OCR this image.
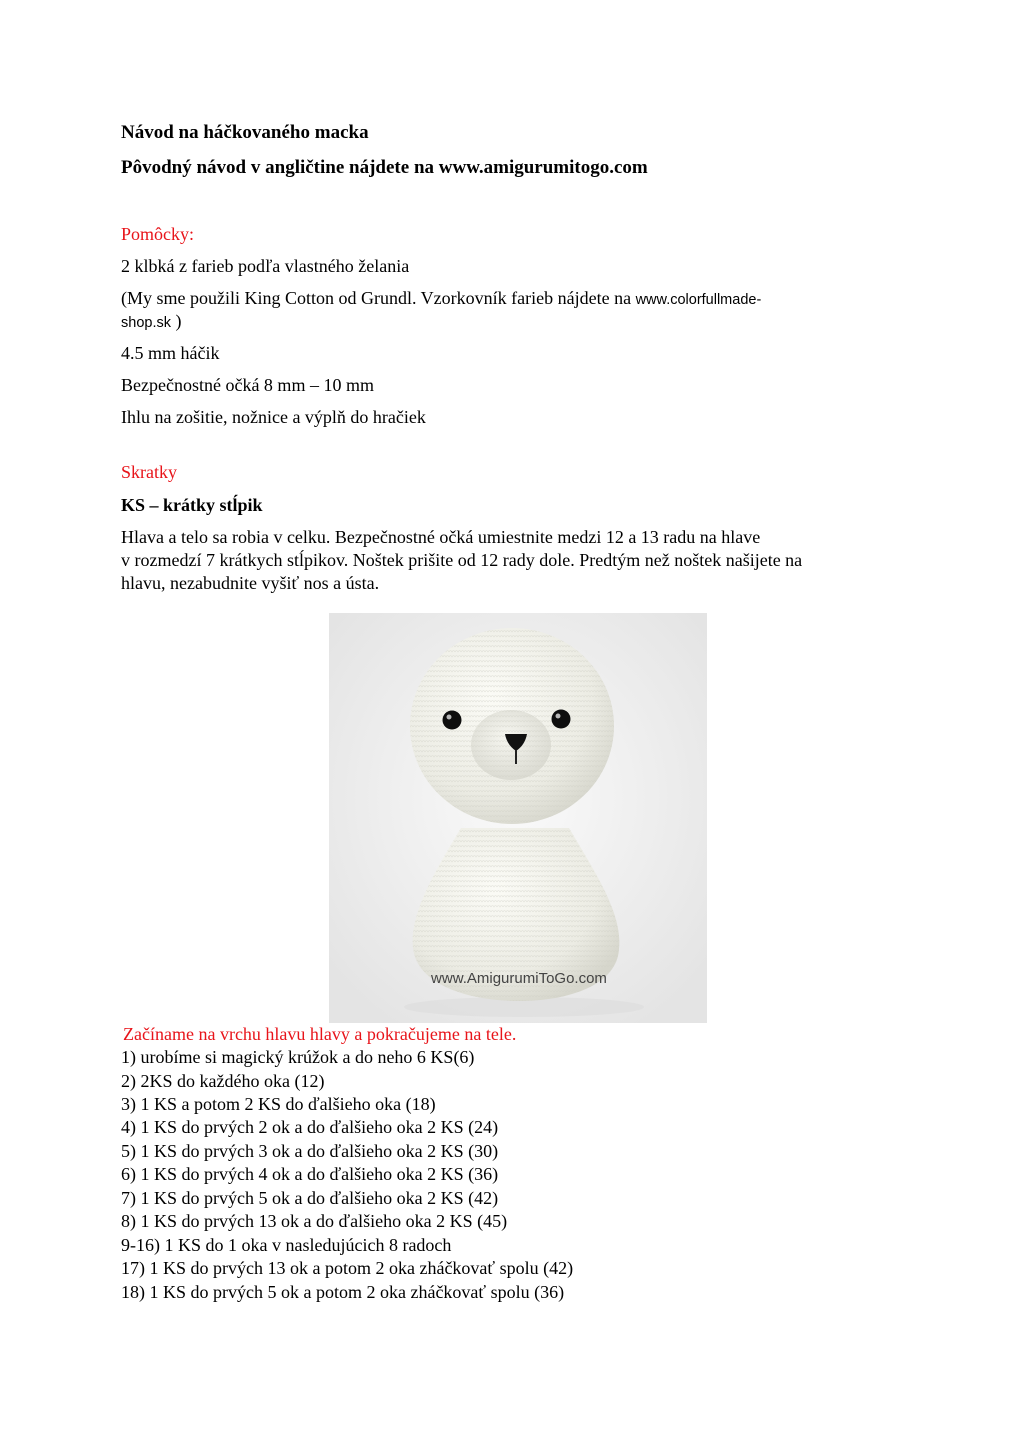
Návod na háčkovaného macka
Pôvodný návod v angličtine nájdete na www.amigurumitogo.com
Pomôcky:
2 klbká z farieb podľa vlastného želania
(My sme použili King Cotton od Grundl. Vzorkovník farieb nájdete na www.colorfullmade-
shop.sk )
4.5 mm háčik
Bezpečnostné očká 8 mm – 10 mm
Ihlu na zošitie, nožnice a výplň do hračiek
Skratky
KS – krátky stĺpik
Hlava a telo sa robia v celku. Bezpečnostné očká umiestnite medzi 12 a 13 radu na hlave
v rozmedzí 7 krátkych stĺpikov. Noštek prišite od 12 rady dole. Predtým než noštek našijete na
hlavu, nezabudnite vyšiť nos a ústa.
www.AmigurumiToGo.com
Začíname na vrchu hlavu hlavy a pokračujeme na tele.
1) urobíme si magický krúžok a do neho 6 KS(6)
2) 2KS do každého oka (12)
3) 1 KS a potom 2 KS do ďalšieho oka (18)
4) 1 KS do prvých 2 ok a do ďalšieho oka 2 KS (24)
5) 1 KS do prvých 3 ok a do ďalšieho oka 2 KS (30)
6) 1 KS do prvých 4 ok a do ďalšieho oka 2 KS (36)
7) 1 KS do prvých 5 ok a do ďalšieho oka 2 KS (42)
8) 1 KS do prvých 13 ok a do ďalšieho oka 2 KS (45)
9-16) 1 KS do 1 oka v nasledujúcich 8 radoch
17) 1 KS do prvých 13 ok a potom 2 oka zháčkovať spolu (42)
18) 1 KS do prvých 5 ok a potom 2 oka zháčkovať spolu (36)
